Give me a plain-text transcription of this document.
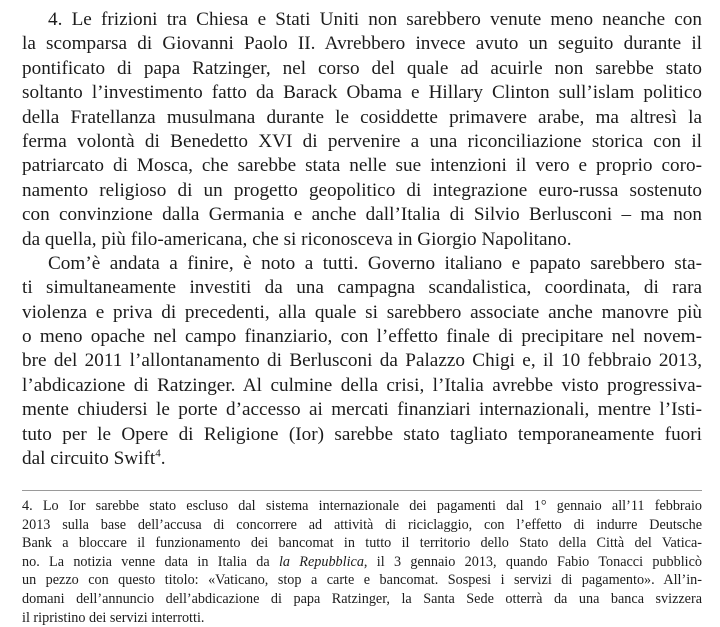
4. Le frizioni tra Chiesa e Stati Uniti non sarebbero venute meno neanche con
la scomparsa di Giovanni Paolo II. Avrebbero invece avuto un seguito durante il
pontificato di papa Ratzinger, nel corso del quale ad acuirle non sarebbe stato
soltanto l’investimento fatto da Barack Obama e Hillary Clinton sull’islam politico
della Fratellanza musulmana durante le cosiddette primavere arabe, ma altresì la
ferma volontà di Benedetto XVI di pervenire a una riconciliazione storica con il
patriarcato di Mosca, che sarebbe stata nelle sue intenzioni il vero e proprio coro-
namento religioso di un progetto geopolitico di integrazione euro-russa sostenuto
con convinzione dalla Germania e anche dall’Italia di Silvio Berlusconi – ma non
da quella, più filo-americana, che si riconosceva in Giorgio Napolitano.
Com’è andata a finire, è noto a tutti. Governo italiano e papato sarebbero sta-
ti simultaneamente investiti da una campagna scandalistica, coordinata, di rara
violenza e priva di precedenti, alla quale si sarebbero associate anche manovre più
o meno opache nel campo finanziario, con l’effetto finale di precipitare nel novem-
bre del 2011 l’allontanamento di Berlusconi da Palazzo Chigi e, il 10 febbraio 2013,
l’abdicazione di Ratzinger. Al culmine della crisi, l’Italia avrebbe visto progressiva-
mente chiudersi le porte d’accesso ai mercati finanziari internazionali, mentre l’Isti-
tuto per le Opere di Religione (Ior) sarebbe stato tagliato temporaneamente fuori
dal circuito Swift$^4$.
4. Lo Ior sarebbe stato escluso dal sistema internazionale dei pagamenti dal 1° gennaio all’11 febbraio
2013 sulla base dell’accusa di concorrere ad attività di riciclaggio, con l’effetto di indurre Deutsche
Bank a bloccare il funzionamento dei bancomat in tutto il territorio dello Stato della Città del Vatica-
no. La notizia venne data in Italia da la Repubblica, il 3 gennaio 2013, quando Fabio Tonacci pubblicò
un pezzo con questo titolo: «Vaticano, stop a carte e bancomat. Sospesi i servizi di pagamento». All’in-
domani dell’annuncio dell’abdicazione di papa Ratzinger, la Santa Sede otterrà da una banca svizzera
il ripristino dei servizi interrotti.
